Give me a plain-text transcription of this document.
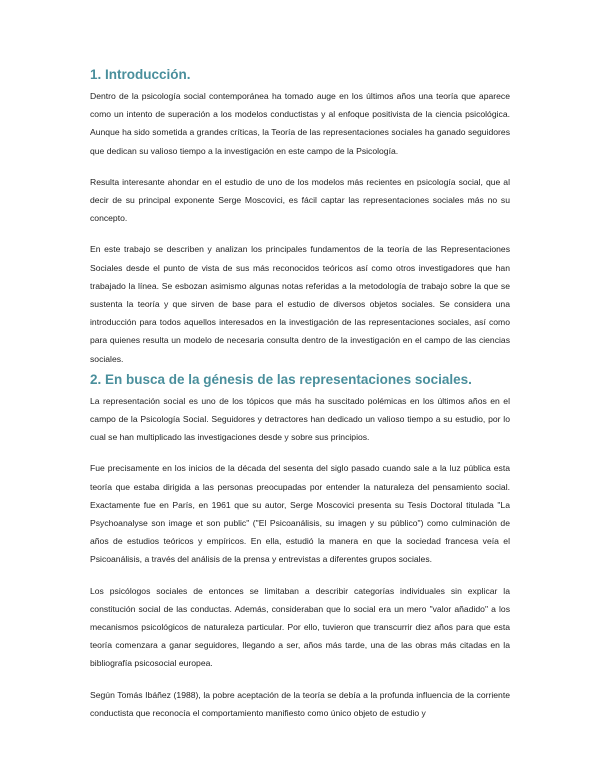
1. Introducción.

Dentro de la psicología social contemporánea ha tomado auge en los últimos años una teoría que aparece como un intento de superación a los modelos conductistas y al enfoque positivista de la ciencia psicológica. Aunque ha sido sometida a grandes críticas, la Teoría de las representaciones sociales ha ganado seguidores que dedican su valioso tiempo a la investigación en este campo de la Psicología.

Resulta interesante ahondar en el estudio de uno de los modelos más recientes en psicología social, que al decir de su principal exponente Serge Moscovici, es fácil captar las representaciones sociales más no su concepto.

En este trabajo se describen y analizan los principales fundamentos de la teoría de las Representaciones Sociales desde el punto de vista de sus más reconocidos teóricos así como otros investigadores que han trabajado la línea. Se esbozan asimismo algunas notas referidas a la metodología de trabajo sobre la que se sustenta la teoría y que sirven de base para el estudio de diversos objetos sociales. Se considera una introducción para todos aquellos interesados en la investigación de las representaciones sociales, así como para quienes resulta un modelo de necesaria consulta dentro de la investigación en el campo de las ciencias sociales.

2. En busca de la génesis de las representaciones sociales.

La representación social es uno de los tópicos que más ha suscitado polémicas en los últimos años en el campo de la Psicología Social. Seguidores y detractores han dedicado un valioso tiempo a su estudio, por lo cual se han multiplicado las investigaciones desde y sobre sus principios.

Fue precisamente en los inicios de la década del sesenta del siglo pasado cuando sale a la luz pública esta teoría que estaba dirigida a las personas preocupadas por entender la naturaleza del pensamiento social. Exactamente fue en París, en 1961 que su autor, Serge Moscovici presenta su Tesis Doctoral titulada "La Psychoanalyse son image et son public" ("El Psicoanálisis, su imagen y su público") como culminación de años de estudios teóricos y empíricos. En ella, estudió la manera en que la sociedad francesa veía el Psicoanálisis, a través del análisis de la prensa y entrevistas a diferentes grupos sociales.

Los psicólogos sociales de entonces se limitaban a describir categorías individuales sin explicar la constitución social de las conductas. Además, consideraban que lo social era un mero "valor añadido" a los mecanismos psicológicos de naturaleza particular. Por ello, tuvieron que transcurrir diez años para que esta teoría comenzara a ganar seguidores, llegando a ser, años más tarde, una de las obras más citadas en la bibliografía psicosocial europea.

Según Tomás Ibáñez (1988), la pobre aceptación de la teoría se debía a la profunda influencia de la corriente conductista que reconocía el comportamiento manifiesto como único objeto de estudio y
